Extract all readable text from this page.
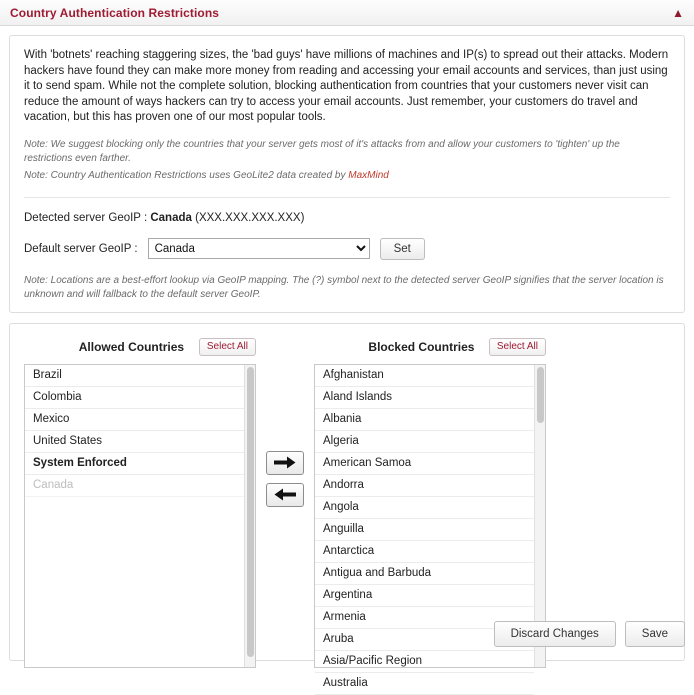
Country Authentication Restrictions	▲

With 'botnets' reaching staggering sizes, the 'bad guys' have millions of machines and IP(s) to spread out their attacks. Modern hackers have found they can make more money from reading and accessing your email accounts and services, than just using it to send spam. While not the complete solution, blocking authentication from countries that your customers never visit can reduce the amount of ways hackers can try to access your email accounts. Just remember, your customers do travel and vacation, but this has proven one of our most popular tools.

Note: We suggest blocking only the countries that your server gets most of it's attacks from and allow your customers to 'tighten' up the restrictions even farther.

Note: Country Authentication Restrictions uses GeoLite2 data created by MaxMind

Detected server GeoIP : Canada (XXX.XXX.XXX.XXX)

Default server GeoIP :
Canada	Set

Note: Locations are a best-effort lookup via GeoIP mapping. The (?) symbol next to the detected server GeoIP signifies that the server location is unknown and will fallback to the default server GeoIP.

Allowed Countries	Select All
Brazil
Colombia
Mexico
United States
System Enforced
Canada
Blocked Countries	Select All
Afghanistan
Aland Islands
Albania
Algeria
American Samoa
Andorra
Angola
Anguilla
Antarctica
Antigua and Barbuda
Argentina
Armenia
Aruba
Asia/Pacific Region
Australia
Discard Changes	Save
